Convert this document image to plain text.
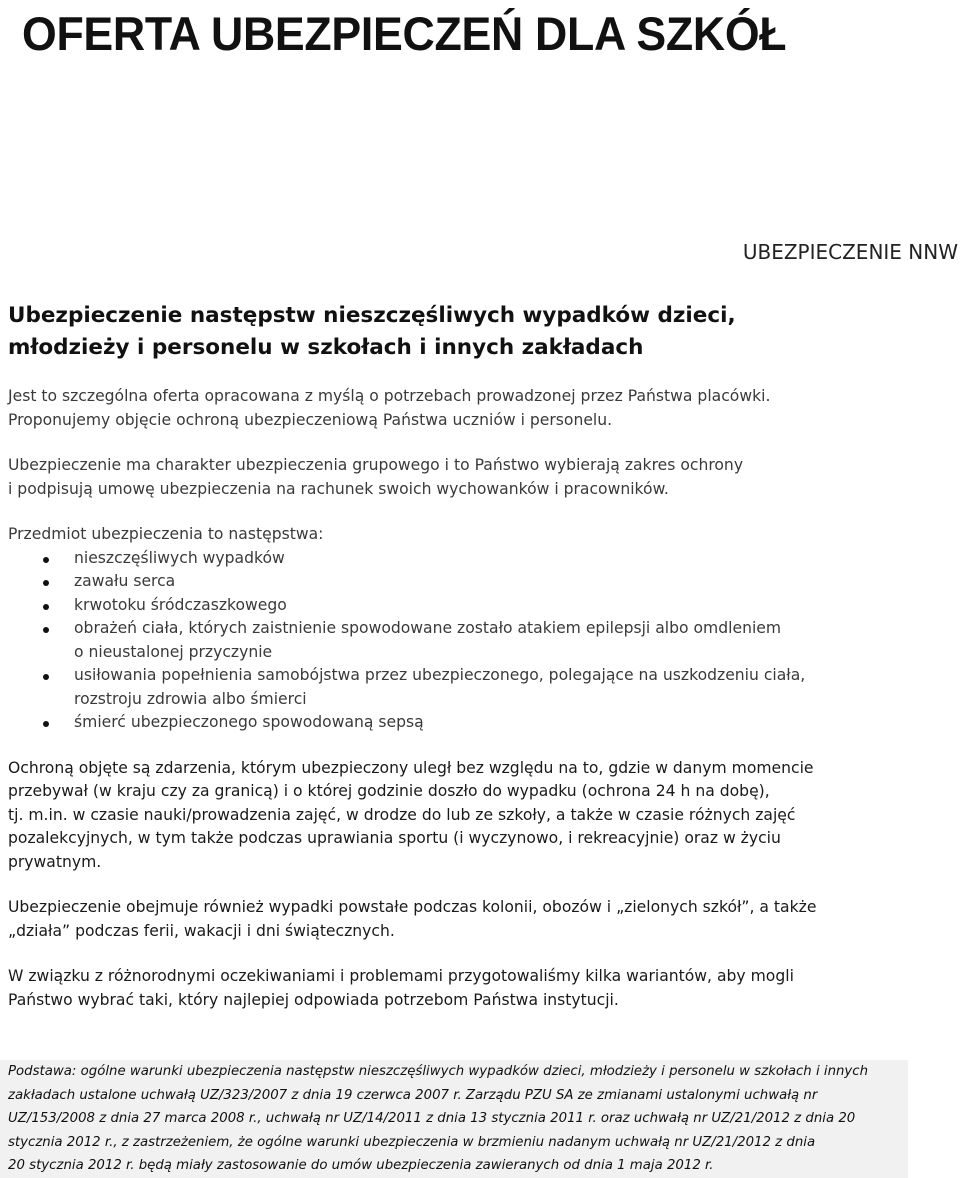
OFERTA UBEZPIECZEŃ DLA SZKÓŁ
UBEZPIECZENIE NNW
Ubezpieczenie następstw nieszczęśliwych wypadków dzieci,
młodzieży i personelu w szkołach i innych zakładach

Jest to szczególna oferta opracowana z myślą o potrzebach prowadzonej przez Państwa placówki.
Proponujemy objęcie ochroną ubezpieczeniową Państwa uczniów i personelu.

Ubezpieczenie ma charakter ubezpieczenia grupowego i to Państwo wybierają zakres ochrony
i podpisują umowę ubezpieczenia na rachunek swoich wychowanków i pracowników.

Przedmiot ubezpieczenia to następstwa:
nieszczęśliwych wypadków
zawału serca
krwotoku śródczaszkowego
obrażeń ciała, których zaistnienie spowodowane zostało atakiem epilepsji albo omdleniem
o nieustalonej przyczynie
usiłowania popełnienia samobójstwa przez ubezpieczonego, polegające na uszkodzeniu ciała,
rozstroju zdrowia albo śmierci
śmierć ubezpieczonego spowodowaną sepsą

Ochroną objęte są zdarzenia, którym ubezpieczony uległ bez względu na to, gdzie w danym momencie
przebywał (w kraju czy za granicą) i o której godzinie doszło do wypadku (ochrona 24 h na dobę),
tj. m.in. w czasie nauki/prowadzenia zajęć, w drodze do lub ze szkoły, a także w czasie różnych zajęć
pozalekcyjnych, w tym także podczas uprawiania sportu (i wyczynowo, i rekreacyjnie) oraz w życiu
prywatnym.

Ubezpieczenie obejmuje również wypadki powstałe podczas kolonii, obozów i „zielonych szkół”, a także
„działa” podczas ferii, wakacji i dni świątecznych.

W związku z różnorodnymi oczekiwaniami i problemami przygotowaliśmy kilka wariantów, aby mogli
Państwo wybrać taki, który najlepiej odpowiada potrzebom Państwa instytucji.

Podstawa: ogólne warunki ubezpieczenia następstw nieszczęśliwych wypadków dzieci, młodzieży i personelu w szkołach i innych
zakładach ustalone uchwałą UZ/323/2007 z dnia 19 czerwca 2007 r. Zarządu PZU SA ze zmianami ustalonymi uchwałą nr
UZ/153/2008 z dnia 27 marca 2008 r., uchwałą nr UZ/14/2011 z dnia 13 stycznia 2011 r. oraz uchwałą nr UZ/21/2012 z dnia 20
stycznia 2012 r., z zastrzeżeniem, że ogólne warunki ubezpieczenia w brzmieniu nadanym uchwałą nr UZ/21/2012 z dnia
20 stycznia 2012 r. będą miały zastosowanie do umów ubezpieczenia zawieranych od dnia 1 maja 2012 r.
